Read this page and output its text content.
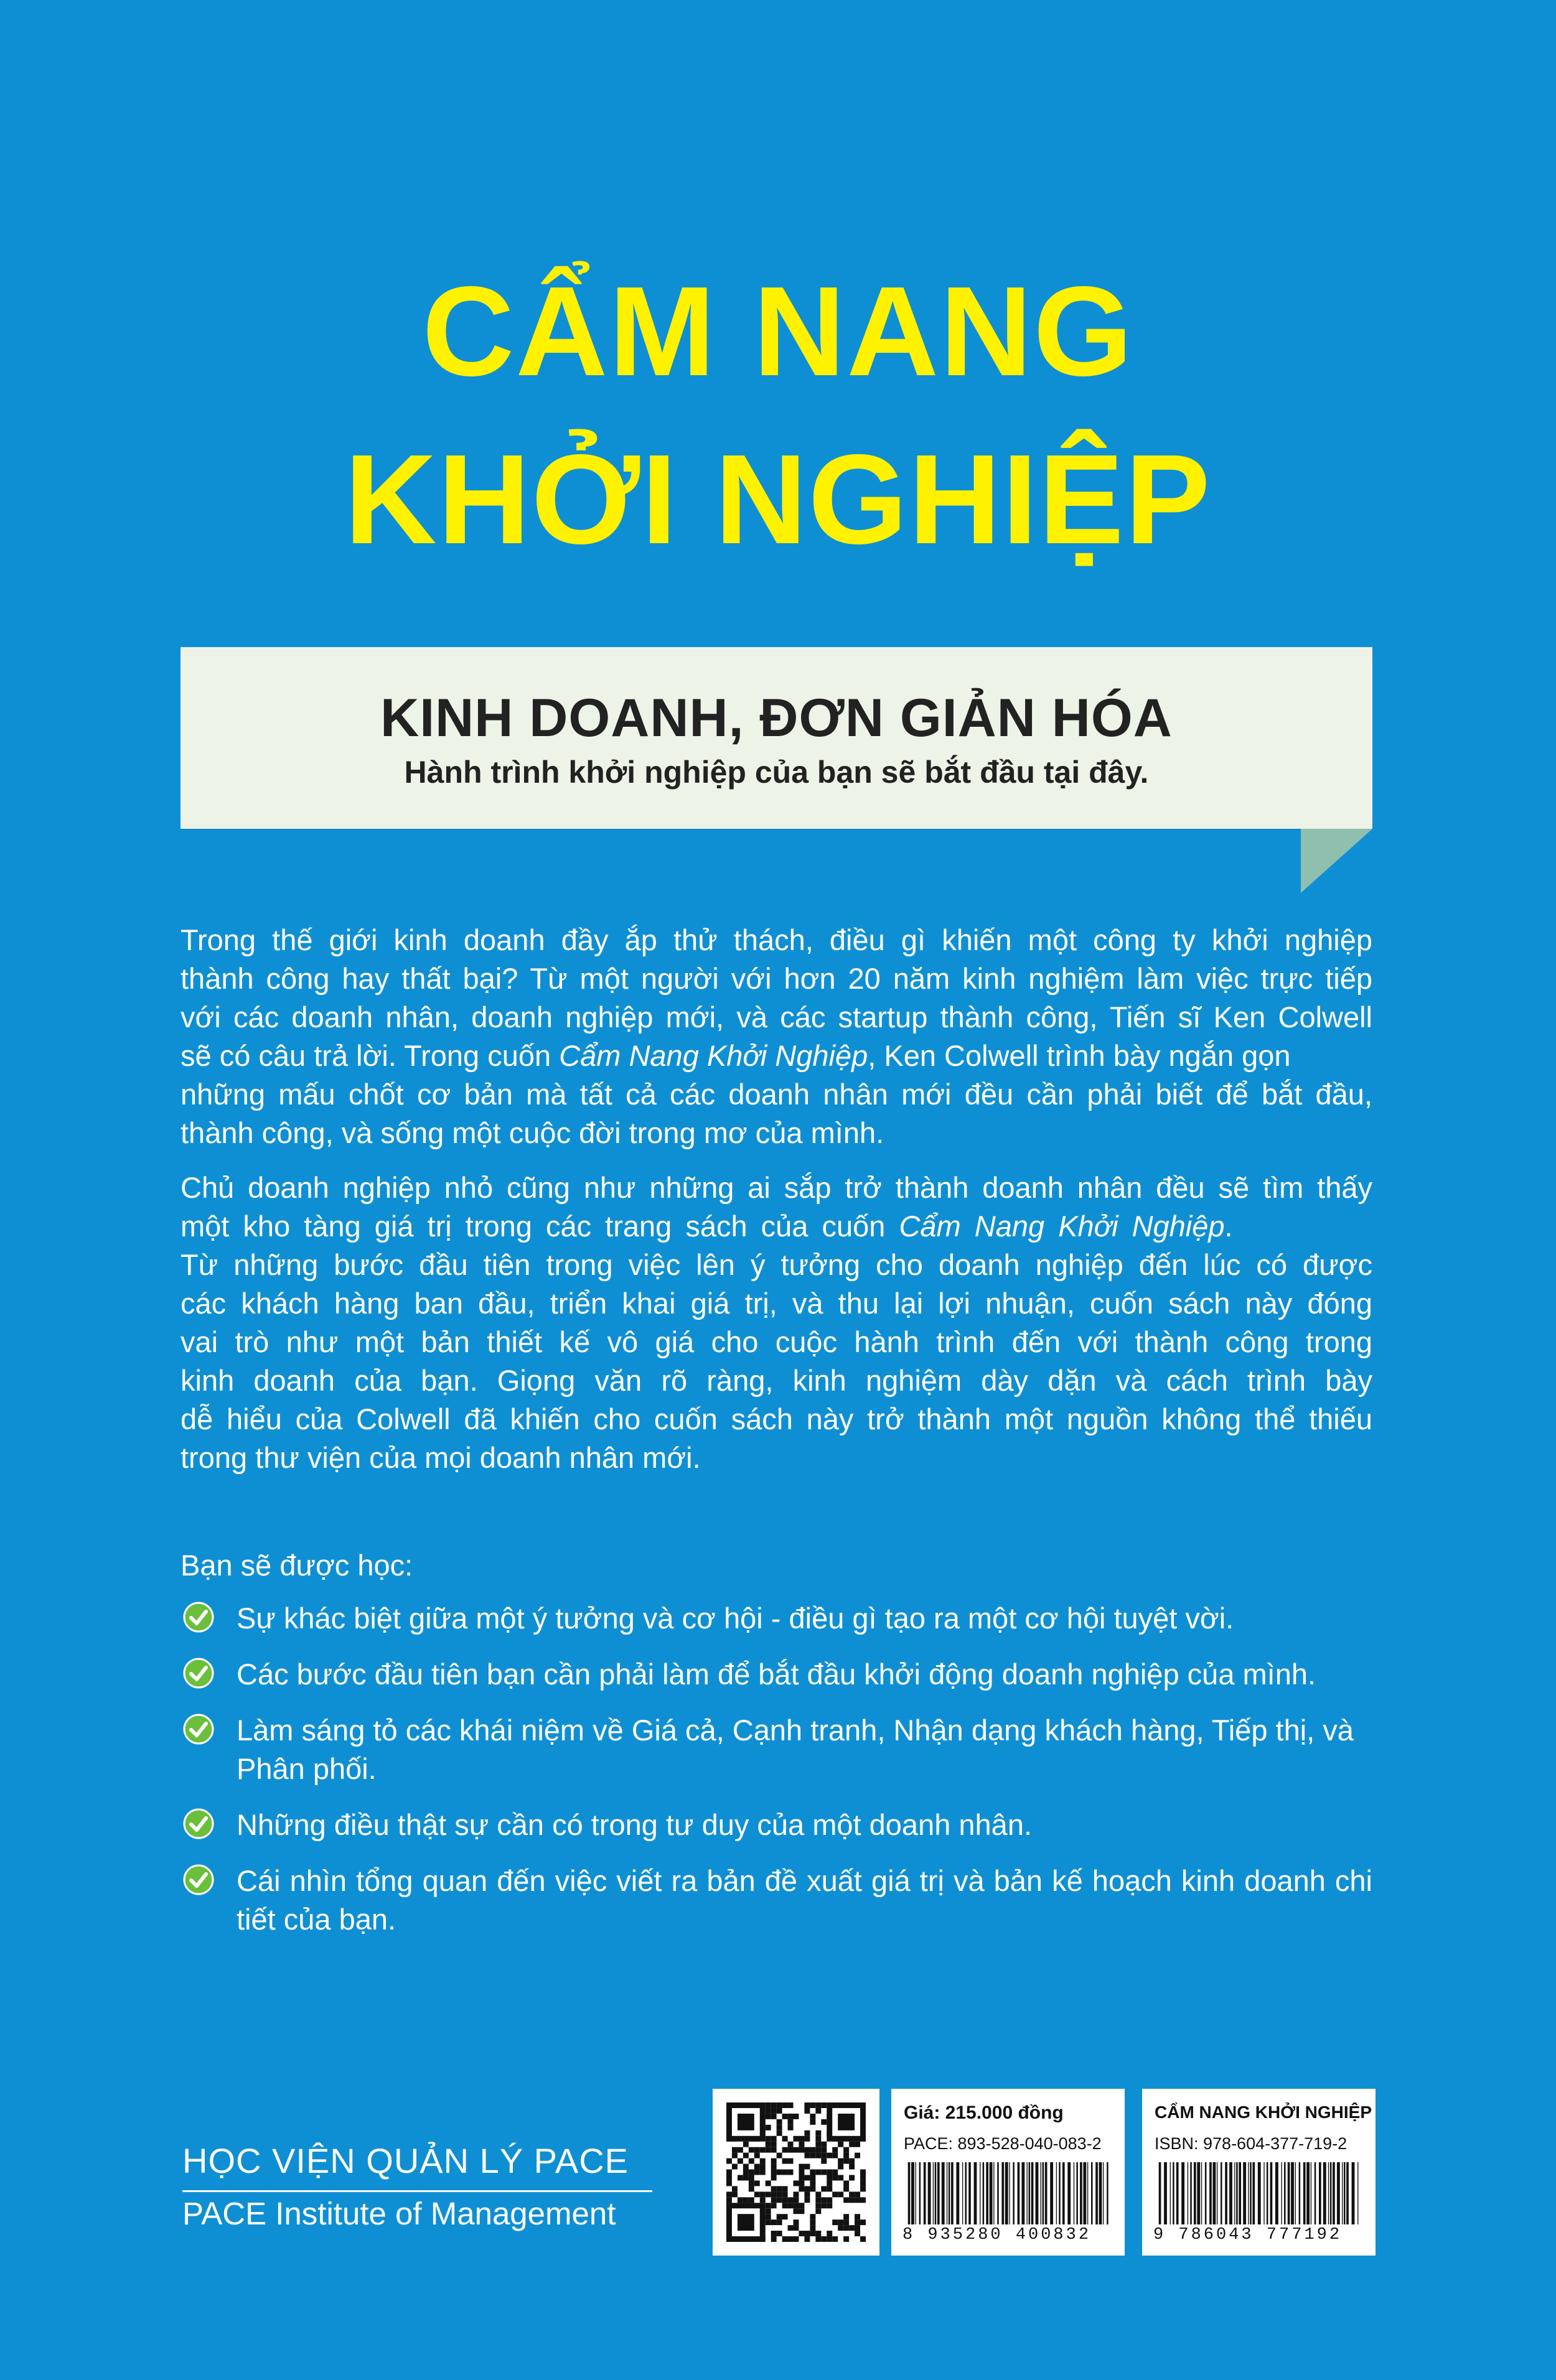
CẨM NANG
KHỞI NGHIỆP
KINH DOANH, ĐƠN GIẢN HÓA
Hành trình khởi nghiệp của bạn sẽ bắt đầu tại đây.
Trong thế giới kinh doanh đầy ắp thử thách, điều gì khiến một công ty khởi nghiệp
thành công hay thất bại? Từ một người với hơn 20 năm kinh nghiệm làm việc trực tiếp
với các doanh nhân, doanh nghiệp mới, và các startup thành công, Tiến sĩ Ken Colwell
sẽ có câu trả lời. Trong cuốn Cẩm Nang Khởi Nghiệp, Ken Colwell trình bày ngắn gọn
những mấu chốt cơ bản mà tất cả các doanh nhân mới đều cần phải biết để bắt đầu,
thành công, và sống một cuộc đời trong mơ của mình.
Chủ doanh nghiệp nhỏ cũng như những ai sắp trở thành doanh nhân đều sẽ tìm thấy
một kho tàng giá trị trong các trang sách của cuốn Cẩm Nang Khởi Nghiệp.
Từ những bước đầu tiên trong việc lên ý tưởng cho doanh nghiệp đến lúc có được
các khách hàng ban đầu, triển khai giá trị, và thu lại lợi nhuận, cuốn sách này đóng
vai trò như một bản thiết kế vô giá cho cuộc hành trình đến với thành công trong
kinh doanh của bạn. Giọng văn rõ ràng, kinh nghiệm dày dặn và cách trình bày
dễ hiểu của Colwell đã khiến cho cuốn sách này trở thành một nguồn không thể thiếu
trong thư viện của mọi doanh nhân mới.
Bạn sẽ được học:
Sự khác biệt giữa một ý tưởng và cơ hội - điều gì tạo ra một cơ hội tuyệt vời.
Các bước đầu tiên bạn cần phải làm để bắt đầu khởi động doanh nghiệp của mình.
Làm sáng tỏ các khái niệm về Giá cả, Cạnh tranh, Nhận dạng khách hàng, Tiếp thị, và Phân phối.
Những điều thật sự cần có trong tư duy của một doanh nhân.
Cái nhìn tổng quan đến việc viết ra bản đề xuất giá trị và bản kế hoạch kinh doanh chi tiết của bạn.
HỌC VIỆN QUẢN LÝ PACE
PACE Institute of Management
Giá: 215.000 đồng
PACE: 893-528-040-083-2
8 935280 400832
CẨM NANG KHỞI NGHIỆP
ISBN: 978-604-377-719-2
9 786043 777192
